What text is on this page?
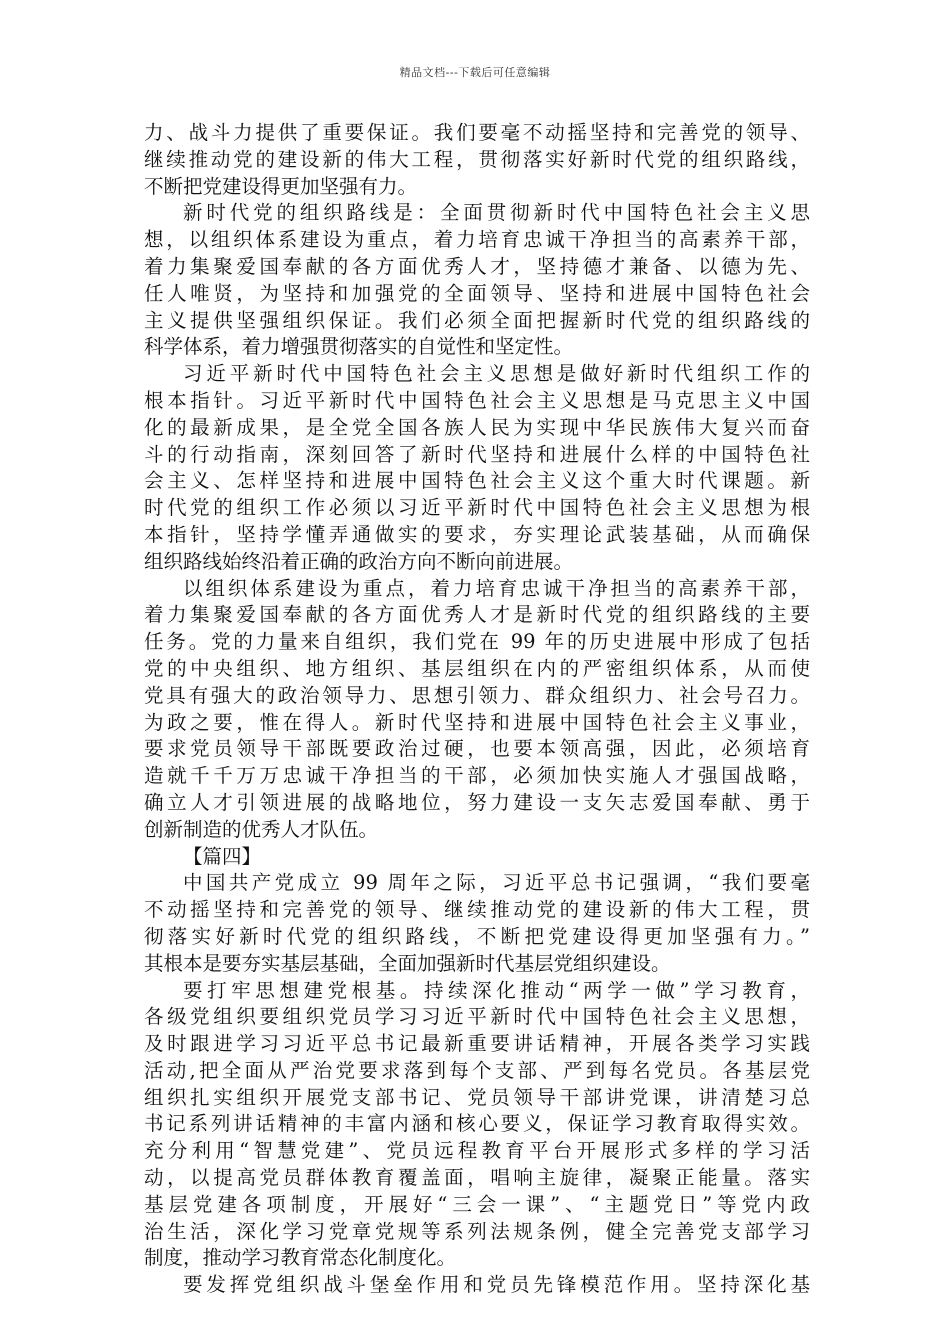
精品文档---下载后可任意编辑
力、战斗力提供了重要保证。我们要毫不动摇坚持和完善党的领导、
继续推动党的建设新的伟大工程，贯彻落实好新时代党的组织路线，
不断把党建设得更加坚强有力。
新时代党的组织路线是：全面贯彻新时代中国特色社会主义思
想，以组织体系建设为重点，着力培育忠诚干净担当的高素养干部，
着力集聚爱国奉献的各方面优秀人才，坚持德才兼备、以德为先、
任人唯贤，为坚持和加强党的全面领导、坚持和进展中国特色社会
主义提供坚强组织保证。我们必须全面把握新时代党的组织路线的
科学体系，着力增强贯彻落实的自觉性和坚定性。
习近平新时代中国特色社会主义思想是做好新时代组织工作的
根本指针。习近平新时代中国特色社会主义思想是马克思主义中国
化的最新成果，是全党全国各族人民为实现中华民族伟大复兴而奋
斗的行动指南，深刻回答了新时代坚持和进展什么样的中国特色社
会主义、怎样坚持和进展中国特色社会主义这个重大时代课题。新
时代党的组织工作必须以习近平新时代中国特色社会主义思想为根
本指针，坚持学懂弄通做实的要求，夯实理论武装基础，从而确保
组织路线始终沿着正确的政治方向不断向前进展。
以组织体系建设为重点，着力培育忠诚干净担当的高素养干部，
着力集聚爱国奉献的各方面优秀人才是新时代党的组织路线的主要
任务。党的力量来自组织，我们党在 99 年的历史进展中形成了包括
党的中央组织、地方组织、基层组织在内的严密组织体系，从而使
党具有强大的政治领导力、思想引领力、群众组织力、社会号召力。
为政之要，惟在得人。新时代坚持和进展中国特色社会主义事业，
要求党员领导干部既要政治过硬，也要本领高强，因此，必须培育
造就千千万万忠诚干净担当的干部，必须加快实施人才强国战略，
确立人才引领进展的战略地位，努力建设一支矢志爱国奉献、勇于
创新制造的优秀人才队伍。
【篇四】
中国共产党成立 99 周年之际，习近平总书记强调，“我们要毫
不动摇坚持和完善党的领导、继续推动党的建设新的伟大工程，贯
彻落实好新时代党的组织路线，不断把党建设得更加坚强有力。”
其根本是要夯实基层基础，全面加强新时代基层党组织建设。
要打牢思想建党根基。持续深化推动“两学一做”学习教育，
各级党组织要组织党员学习习近平新时代中国特色社会主义思想，
及时跟进学习习近平总书记最新重要讲话精神，开展各类学习实践
活动,把全面从严治党要求落到每个支部、严到每名党员。各基层党
组织扎实组织开展党支部书记、党员领导干部讲党课，讲清楚习总
书记系列讲话精神的丰富内涵和核心要义，保证学习教育取得实效。
充分利用“智慧党建”、党员远程教育平台开展形式多样的学习活
动，以提高党员群体教育覆盖面，唱响主旋律，凝聚正能量。落实
基层党建各项制度，开展好“三会一课”、“主题党日”等党内政
治生活，深化学习党章党规等系列法规条例，健全完善党支部学习
制度，推动学习教育常态化制度化。
要发挥党组织战斗堡垒作用和党员先锋模范作用。坚持深化基
